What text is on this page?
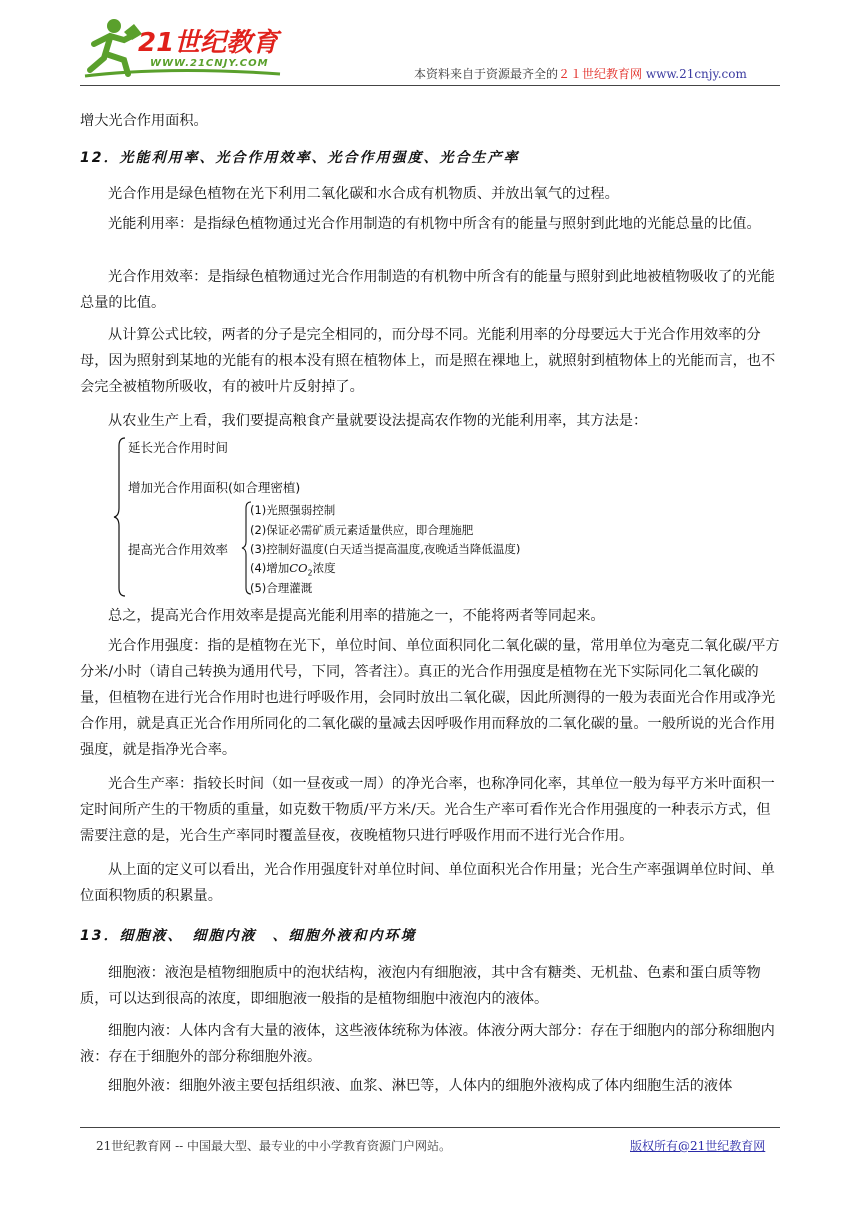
21世纪教育
WWW.21CNJY.COM
本资料来自于资源最齐全的２１世纪教育网 www.21cnjy.com
增大光合作用面积。
12．光能利用率、光合作用效率、光合作用强度、光合生产率
光合作用是绿色植物在光下利用二氧化碳和水合成有机物质、并放出氧气的过程。
光能利用率：是指绿色植物通过光合作用制造的有机物中所含有的能量与照射到此地的光能总量的比值。
光合作用效率：是指绿色植物通过光合作用制造的有机物中所含有的能量与照射到此地被植物吸收了的光能总量的比值。
从计算公式比较，两者的分子是完全相同的，而分母不同。光能利用率的分母要远大于光合作用效率的分母，因为照射到某地的光能有的根本没有照在植物体上，而是照在裸地上，就照射到植物体上的光能而言，也不会完全被植物所吸收，有的被叶片反射掉了。
从农业生产上看，我们要提高粮食产量就要设法提高农作物的光能利用率，其方法是：
延长光合作用时间
增加光合作用面积(如合理密植)
提高光合作用效率
(1)光照强弱控制
(2)保证必需矿质元素适量供应，即合理施肥
(3)控制好温度(白天适当提高温度,夜晚适当降低温度)
(4)增加$CO_2$浓度
(5)合理灌溉
总之，提高光合作用效率是提高光能利用率的措施之一，不能将两者等同起来。
光合作用强度：指的是植物在光下，单位时间、单位面积同化二氧化碳的量，常用单位为毫克二氧化碳/平方分米/小时（请自己转换为通用代号，下同，答者注）。真正的光合作用强度是植物在光下实际同化二氧化碳的量，但植物在进行光合作用时也进行呼吸作用，会同时放出二氧化碳，因此所测得的一般为表面光合作用或净光合作用，就是真正光合作用所同化的二氧化碳的量减去因呼吸作用而释放的二氧化碳的量。一般所说的光合作用强度，就是指净光合率。
光合生产率：指较长时间（如一昼夜或一周）的净光合率，也称净同化率，其单位一般为每平方米叶面积一定时间所产生的干物质的重量，如克数干物质/平方米/天。光合生产率可看作光合作用强度的一种表示方式，但需要注意的是，光合生产率同时覆盖昼夜，夜晚植物只进行呼吸作用而不进行光合作用。
从上面的定义可以看出，光合作用强度针对单位时间、单位面积光合作用量；光合生产率强调单位时间、单位面积物质的积累量。
13．细胞液、　细胞内液　、细胞外液和内环境
细胞液：液泡是植物细胞质中的泡状结构，液泡内有细胞液，其中含有糖类、无机盐、色素和蛋白质等物质，可以达到很高的浓度，即细胞液一般指的是植物细胞中液泡内的液体。
细胞内液：人体内含有大量的液体，这些液体统称为体液。体液分两大部分：存在于细胞内的部分称细胞内液：存在于细胞外的部分称细胞外液。
细胞外液：细胞外液主要包括组织液、血浆、淋巴等，人体内的细胞外液构成了体内细胞生活的液体
21世纪教育网 -- 中国最大型、最专业的中小学教育资源门户网站。	版权所有@21世纪教育网
